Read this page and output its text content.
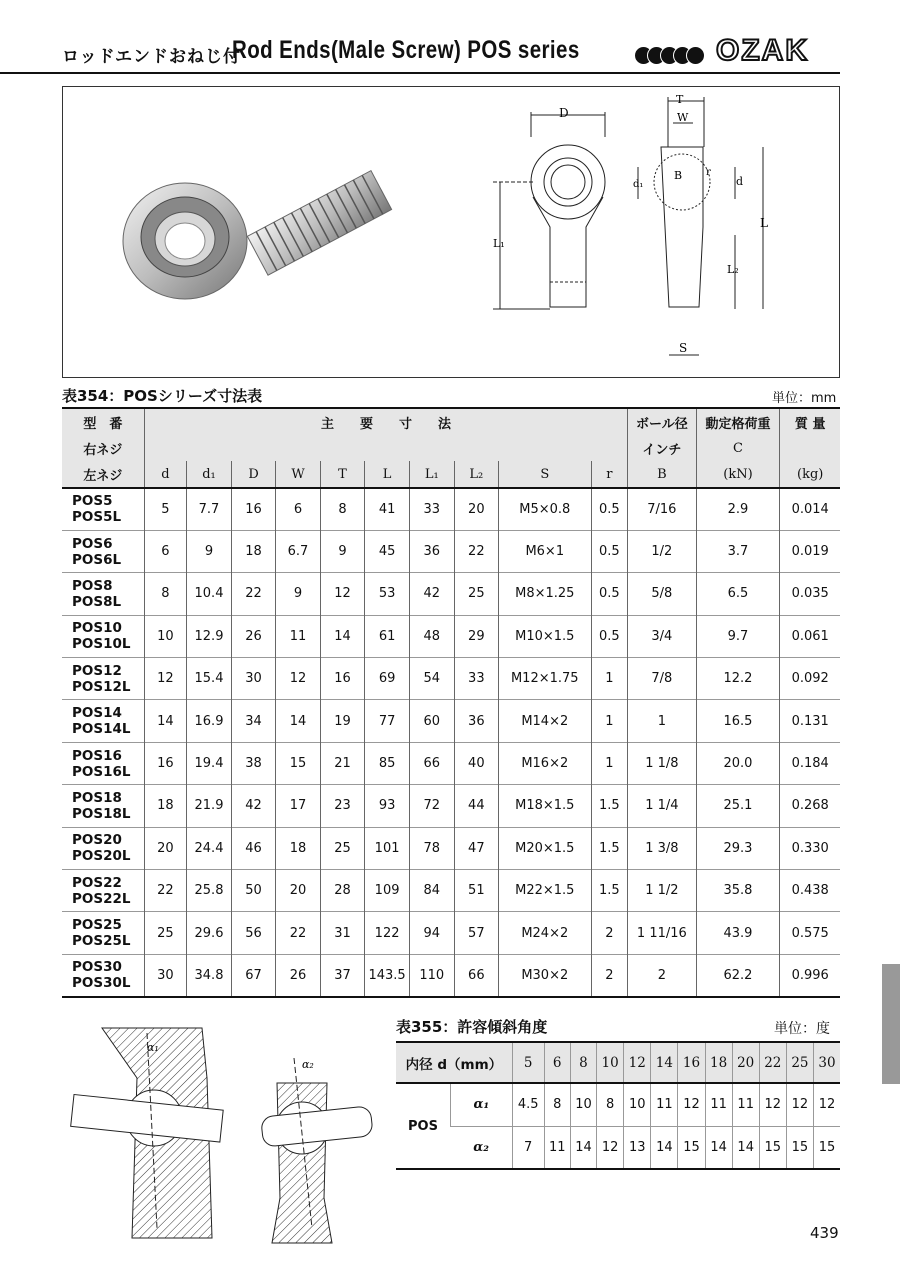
ロッドエンドおねじ付
Rod Ends(Male Screw) POS series	OZAK
D
L₁
T
W
B	d
d₁
r
L
L₂
S
表354：POSシリーズ寸法表	単位：mm
型　番	主　　要　　寸　　法										ボール径	動定格荷重	質 量
右ネジ											インチ	C	
左ネジ	d	d₁	D	W	T	L	L₁	L₂	S	r	B	(kN)	(kg)

POS5
POS5L	5	7.7	16	6	8	41	33	20	M5×0.8	0.5	7/16	2.9	0.014

POS6
POS6L	6	9	18	6.7	9	45	36	22	M6×1	0.5	1/2	3.7	0.019

POS8
POS8L	8	10.4	22	9	12	53	42	25	M8×1.25	0.5	5/8	6.5	0.035

POS10
POS10L	10	12.9	26	11	14	61	48	29	M10×1.5	0.5	3/4	9.7	0.061

POS12
POS12L	12	15.4	30	12	16	69	54	33	M12×1.75	1	7/8	12.2	0.092

POS14
POS14L	14	16.9	34	14	19	77	60	36	M14×2	1	1	16.5	0.131

POS16
POS16L	16	19.4	38	15	21	85	66	40	M16×2	1	1 1/8	20.0	0.184

POS18
POS18L	18	21.9	42	17	23	93	72	44	M18×1.5	1.5	1 1/4	25.1	0.268

POS20
POS20L	20	24.4	46	18	25	101	78	47	M20×1.5	1.5	1 3/8	29.3	0.330

POS22
POS22L	22	25.8	50	20	28	109	84	51	M22×1.5	1.5	1 1/2	35.8	0.438

POS25
POS25L	25	29.6	56	22	31	122	94	57	M24×2	2	1 11/16	43.9	0.575

POS30
POS30L	30	34.8	67	26	37	143.5	110	66	M30×2	2	2	62.2	0.996
α₁
α₂
表355：許容傾斜角度	単位：度
内径 d（mm）		5	6	8	10	12	14	16	18	20	22	25	30
POS	α₁	4.5	8	10	8	10	11	12	11	11	12	12	12
	α₂	7	11	14	12	13	14	15	14	14	15	15	15
439
